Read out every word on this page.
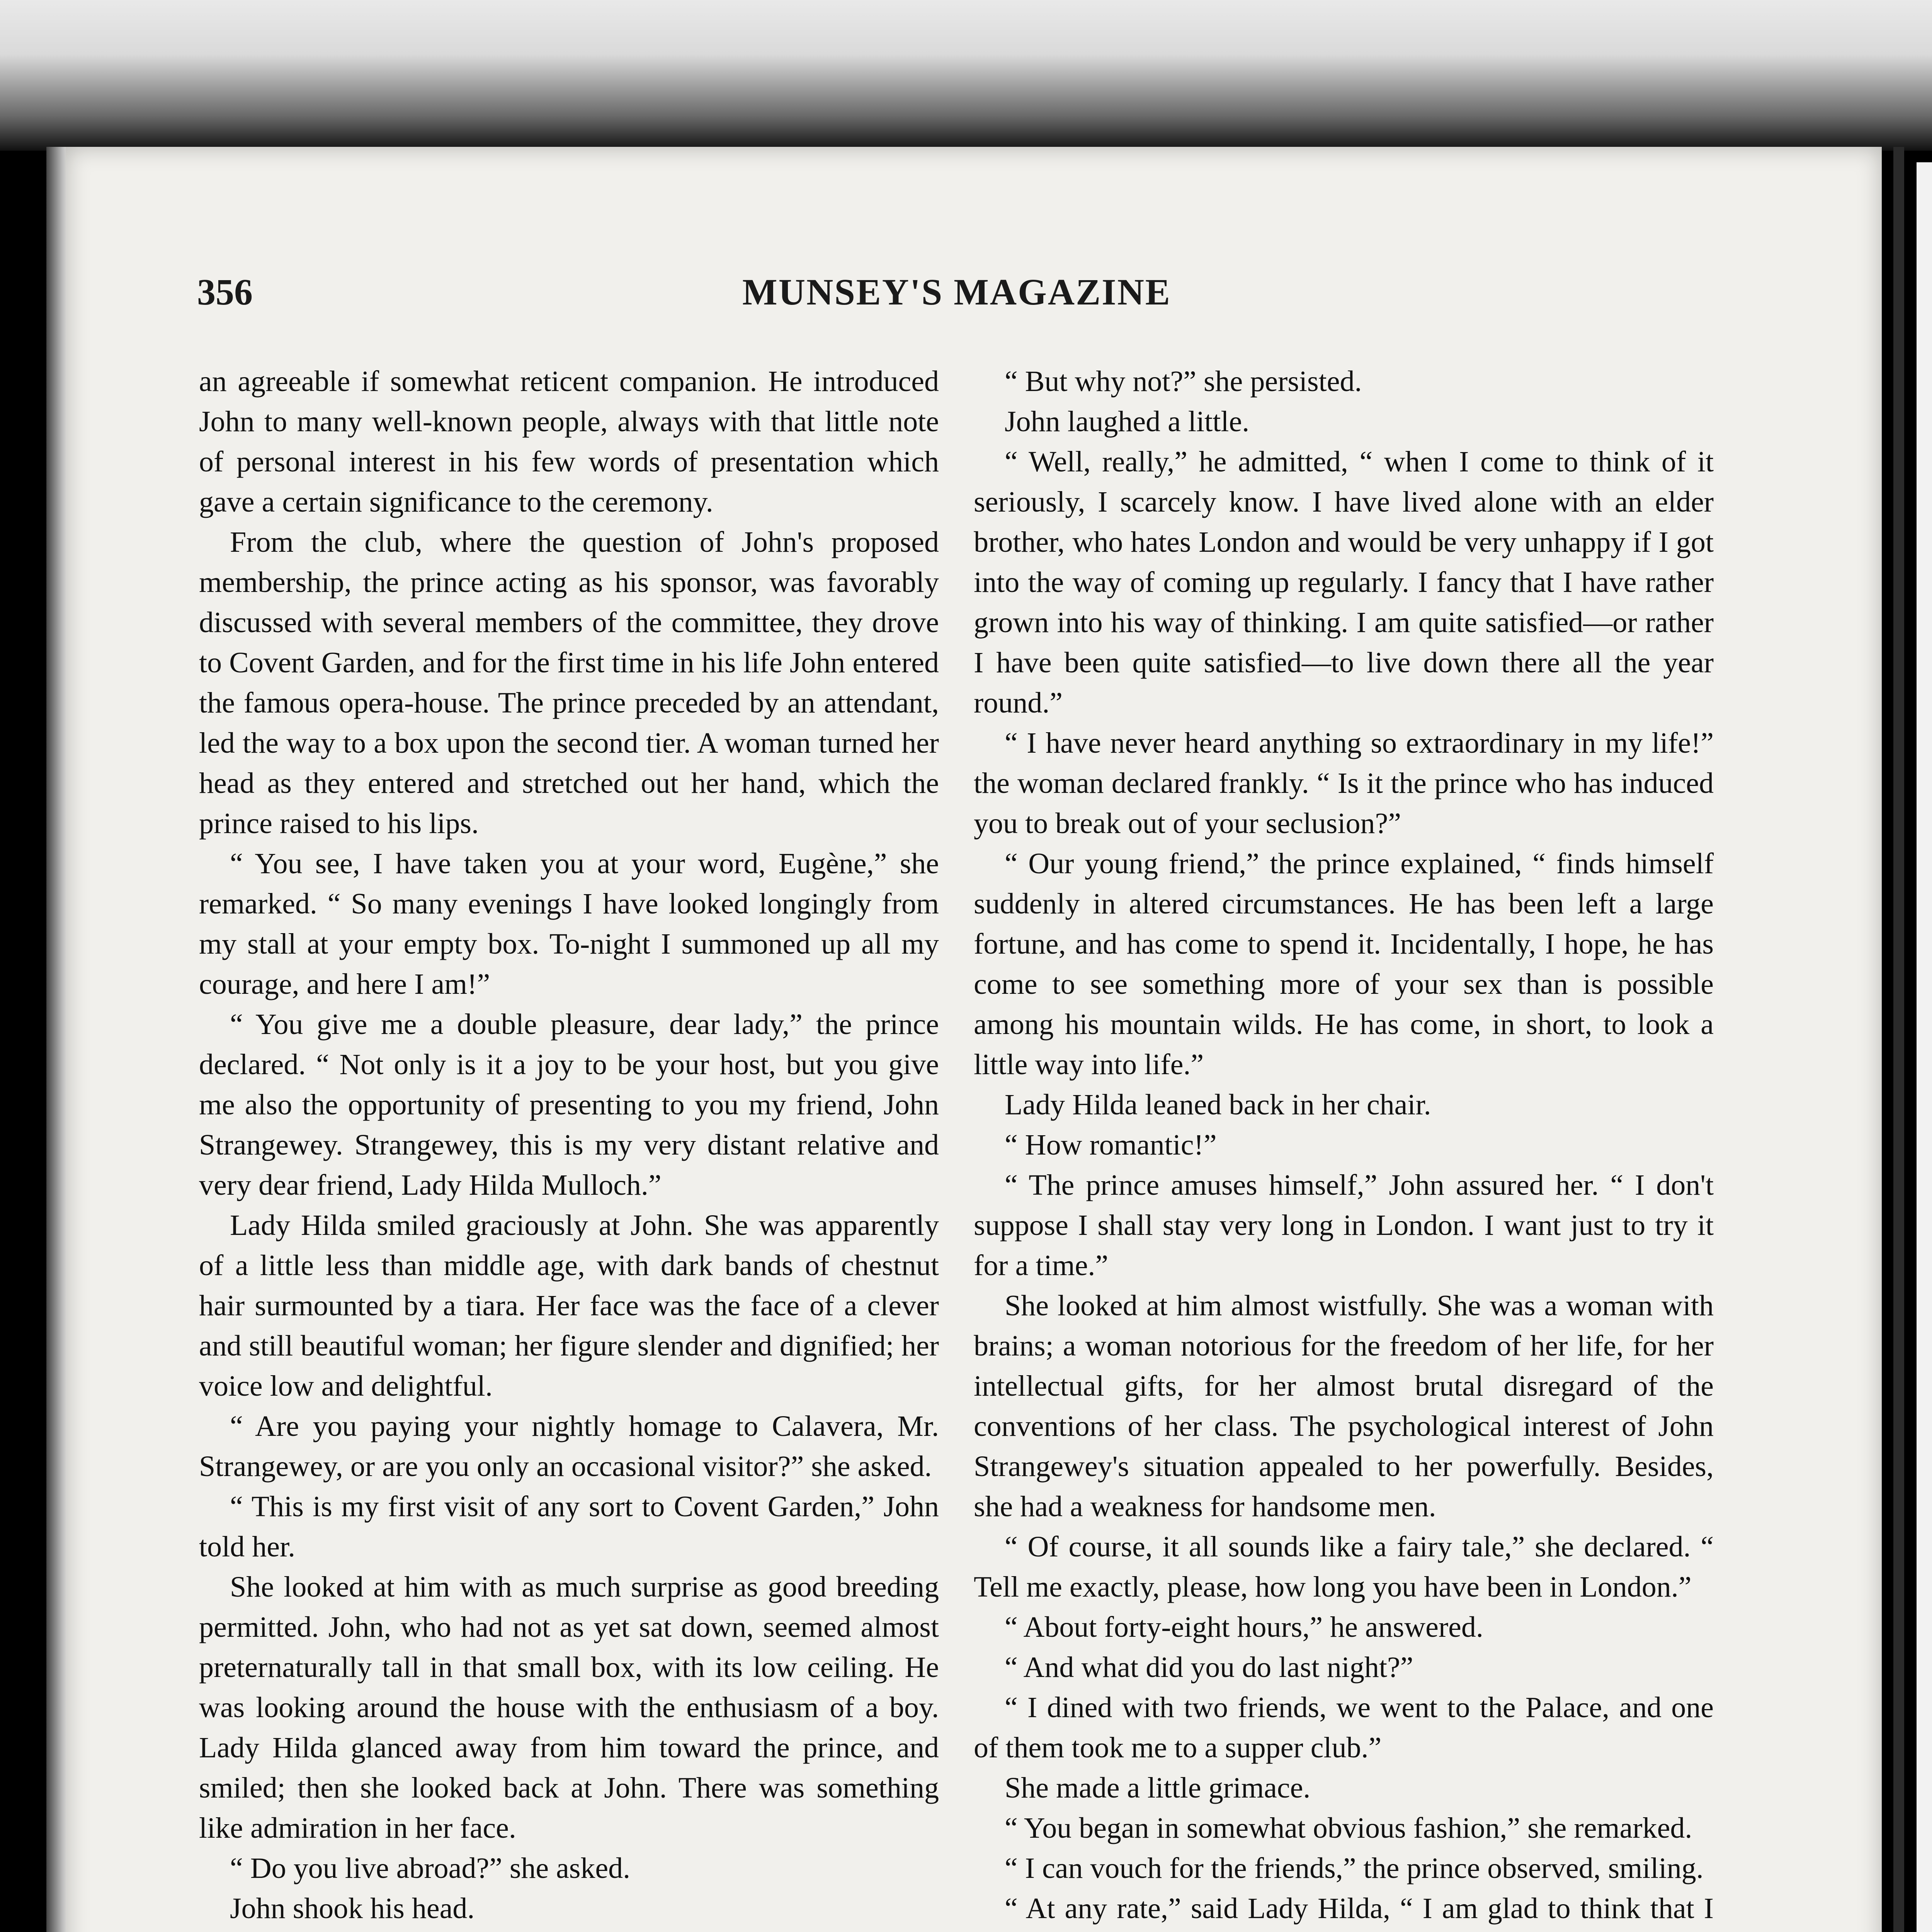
356	MUNSEY'S MAGAZINE

an agreeable if somewhat reticent companion. He introduced John to many well-known people, always with that little note of personal interest in his few words of presentation which gave a certain significance to the ceremony.

From the club, where the question of John's proposed membership, the prince acting as his sponsor, was favorably discussed with several members of the committee, they drove to Covent Garden, and for the first time in his life John entered the famous opera-house. The prince preceded by an attendant, led the way to a box upon the second tier. A woman turned her head as they entered and stretched out her hand, which the prince raised to his lips.

“ You see, I have taken you at your word, Eugène,” she remarked. “ So many evenings I have looked longingly from my stall at your empty box. To-night I summoned up all my courage, and here I am!”

“ You give me a double pleasure, dear lady,” the prince declared. “ Not only is it a joy to be your host, but you give me also the opportunity of presenting to you my friend, John Strangewey. Strangewey, this is my very distant relative and very dear friend, Lady Hilda Mulloch.”

Lady Hilda smiled graciously at John. She was apparently of a little less than middle age, with dark bands of chestnut hair surmounted by a tiara. Her face was the face of a clever and still beautiful woman; her figure slender and dignified; her voice low and delightful.

“ Are you paying your nightly homage to Calavera, Mr. Strangewey, or are you only an occasional visitor?” she asked.

“ This is my first visit of any sort to Covent Garden,” John told her.

She looked at him with as much surprise as good breeding permitted. John, who had not as yet sat down, seemed almost preternaturally tall in that small box, with its low ceiling. He was looking around the house with the enthusiasm of a boy. Lady Hilda glanced away from him toward the prince, and smiled; then she looked back at John. There was something like admiration in her face.

“ Do you live abroad?” she asked.

John shook his head.

“ But why not?” she persisted.

John laughed a little.

“ Well, really,” he admitted, “ when I come to think of it seriously, I scarcely know. I have lived alone with an elder brother, who hates London and would be very unhappy if I got into the way of coming up regularly. I fancy that I have rather grown into his way of thinking. I am quite satisfied—or rather I have been quite satisfied—to live down there all the year round.”

“ I have never heard anything so extraordinary in my life!” the woman declared frankly. “ Is it the prince who has induced you to break out of your seclusion?”

“ Our young friend,” the prince explained, “ finds himself suddenly in altered circumstances. He has been left a large fortune, and has come to spend it. Incidentally, I hope, he has come to see something more of your sex than is possible among his mountain wilds. He has come, in short, to look a little way into life.”

Lady Hilda leaned back in her chair.

“ How romantic!”

“ The prince amuses himself,” John assured her. “ I don't suppose I shall stay very long in London. I want just to try it for a time.”

She looked at him almost wistfully. She was a woman with brains; a woman notorious for the freedom of her life, for her intellectual gifts, for her almost brutal disregard of the conventions of her class. The psychological interest of John Strangewey's situation appealed to her powerfully. Besides, she had a weakness for handsome men.

“ Of course, it all sounds like a fairy tale,” she declared. “ Tell me exactly, please, how long you have been in London.”

“ About forty-eight hours,” he answered.

“ And what did you do last night?”

“ I dined with two friends, we went to the Palace, and one of them took me to a supper club.”

She made a little grimace.

“ You began in somewhat obvious fashion,” she remarked.

“ I can vouch for the friends,” the prince observed, smiling.

“ At any rate,” said Lady Hilda, “ I am glad to think that I
